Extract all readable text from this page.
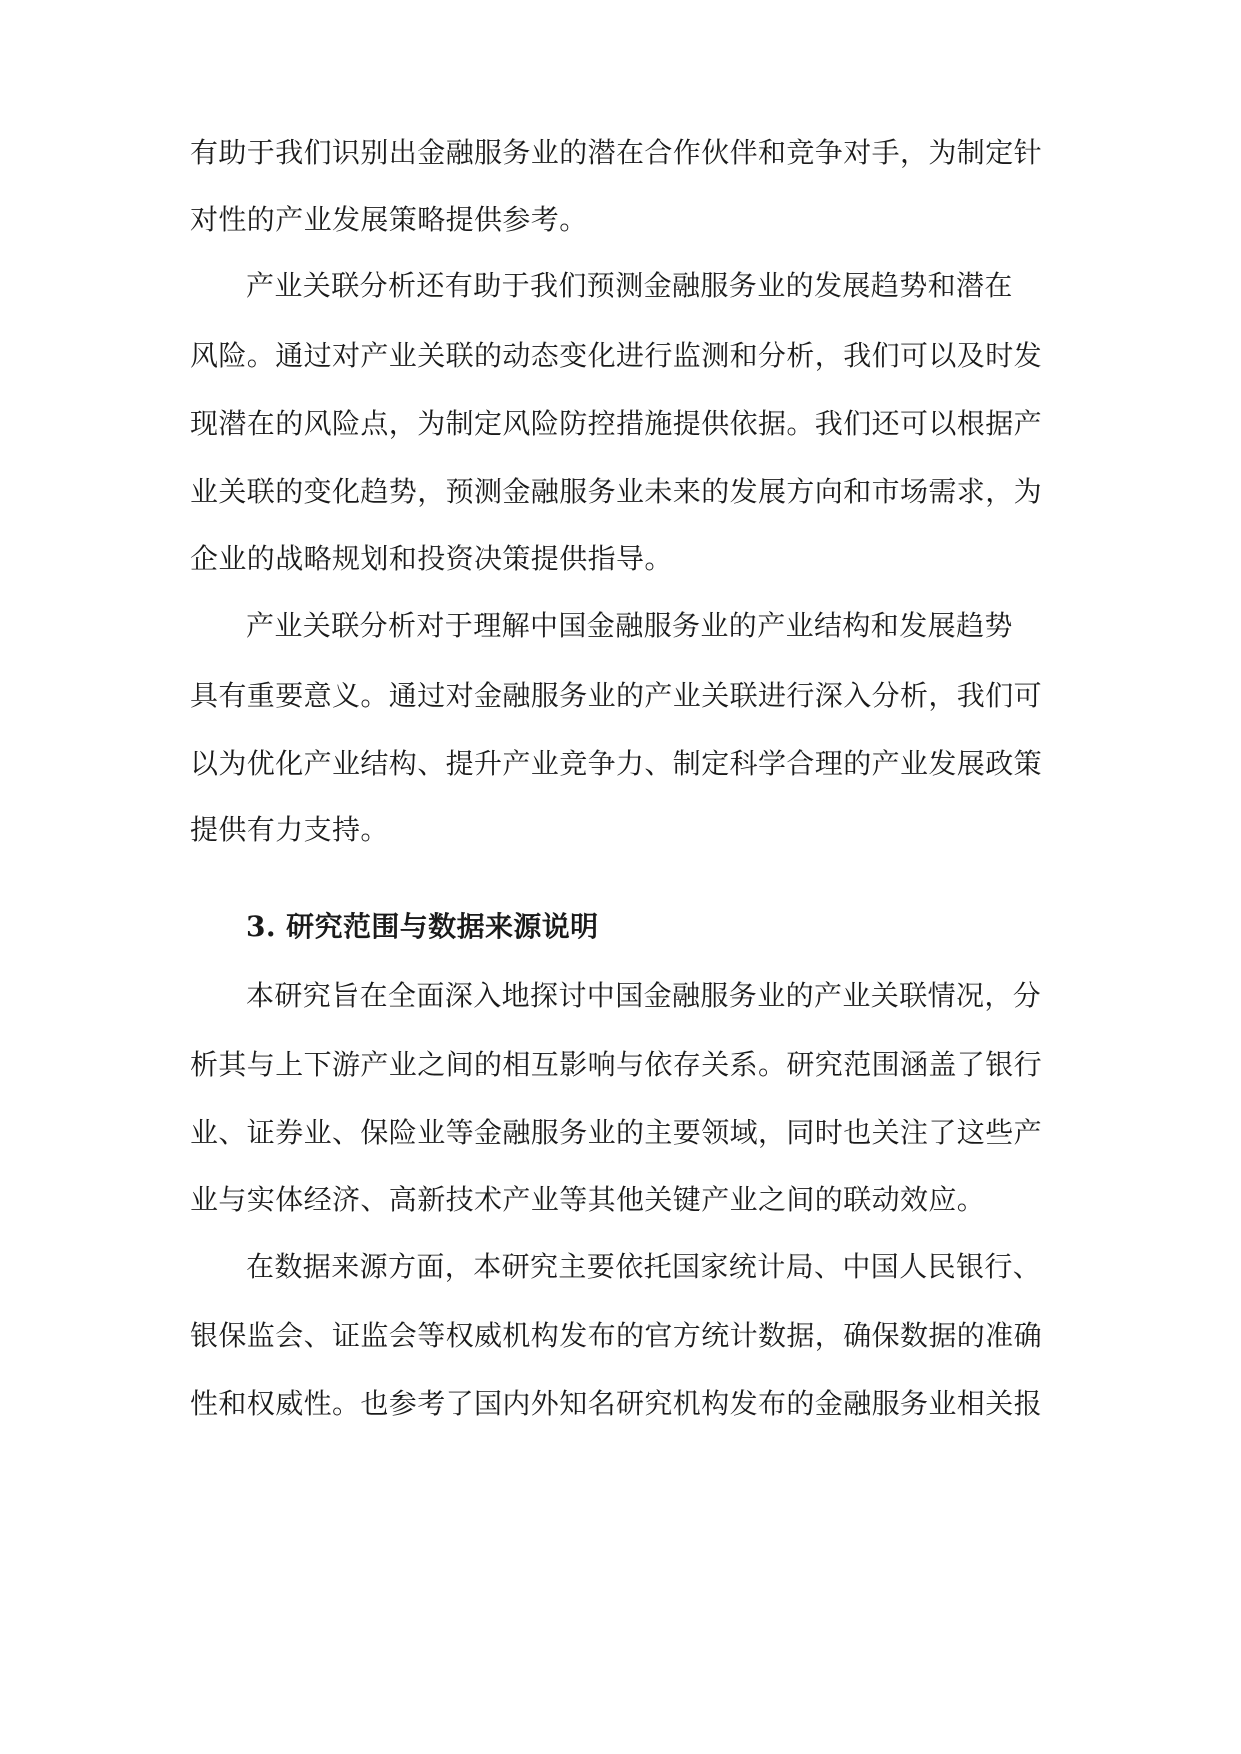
有助于我们识别出金融服务业的潜在合作伙伴和竞争对手，为制定针
对性的产业发展策略提供参考。
产业关联分析还有助于我们预测金融服务业的发展趋势和潜在
风险。通过对产业关联的动态变化进行监测和分析，我们可以及时发
现潜在的风险点，为制定风险防控措施提供依据。我们还可以根据产
业关联的变化趋势，预测金融服务业未来的发展方向和市场需求，为
企业的战略规划和投资决策提供指导。
产业关联分析对于理解中国金融服务业的产业结构和发展趋势
具有重要意义。通过对金融服务业的产业关联进行深入分析，我们可
以为优化产业结构、提升产业竞争力、制定科学合理的产业发展政策
提供有力支持。
3. 研究范围与数据来源说明
本研究旨在全面深入地探讨中国金融服务业的产业关联情况，分
析其与上下游产业之间的相互影响与依存关系。研究范围涵盖了银行
业、证券业、保险业等金融服务业的主要领域，同时也关注了这些产
业与实体经济、高新技术产业等其他关键产业之间的联动效应。
在数据来源方面，本研究主要依托国家统计局、中国人民银行、
银保监会、证监会等权威机构发布的官方统计数据，确保数据的准确
性和权威性。也参考了国内外知名研究机构发布的金融服务业相关报
